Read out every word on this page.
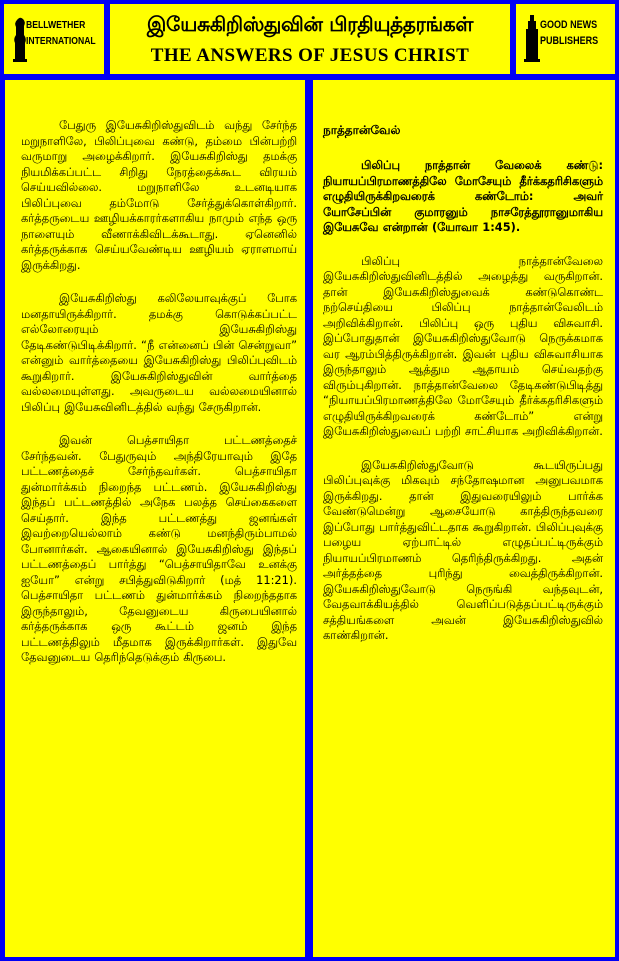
BELLWETHER
INTERNATIONAL
இயேசுகிறிஸ்துவின் பிரதியுத்தரங்கள்
THE ANSWERS OF JESUS CHRIST
GOOD NEWS
PUBLISHERS

பேதுரு இயேசுகிறிஸ்துவிடம் வந்து சேர்ந்த மறுநாளிலே, பிலிப்புவை கண்டு, தம்மை பின்பற்றி வருமாறு அழைக்கிறார். இயேசுகிறிஸ்து தமக்கு நியமிக்கப்பட்ட சிறிது நேரத்தைக்கூட விரயம் செய்யவில்லை. மறுநாளிலே உடனடியாக பிலிப்புவை தம்மோடு சேர்த்துக்கொள்கிறார். கர்த்தருடைய ஊழியக்காரர்களாகிய நாமும் எந்த ஒரு நாளையும் வீணாக்கிவிடக்கூடாது. ஏனெனில் கர்த்தருக்காக செய்யவேண்டிய ஊழியம் ஏராளமாய் இருக்கிறது.

இயேசுகிறிஸ்து கலிலேயாவுக்குப் போக மனதாயிருக்கிறார். தமக்கு கொடுக்கப்பட்ட எல்லோரையும் இயேசுகிறிஸ்து தேடிகண்டுபிடிக்கிறார். “நீ என்னைப் பின் சென்றுவா” என்னும் வார்த்தையை இயேசுகிறிஸ்து பிலிப்புவிடம் கூறுகிறார். இயேசுகிறிஸ்துவின் வார்த்தை வல்லமையுள்ளது. அவருடைய வல்லமையினால் பிலிப்பு இயேசுவினிடத்தில் வந்து சேருகிறான்.

இவன் பெத்சாயிதா பட்டணத்தைச் சேர்ந்தவன். பேதுருவும் அந்திரேயாவும் இதே பட்டணத்தைச் சேர்ந்தவர்கள். பெத்சாயிதா துன்மார்க்கம் நிறைந்த பட்டணம். இயேசுகிறிஸ்து இந்தப் பட்டணத்தில் அநேக பலத்த செய்கைகளை செய்தார். இந்த பட்டணத்து ஜனங்கள் இவற்றையெல்லாம் கண்டு மனந்திரும்பாமல் போனார்கள். ஆகையினால் இயேசுகிறிஸ்து இந்தப் பட்டணத்தைப் பார்த்து “பெத்சாயிதாவே உனக்கு ஐயோ” என்று சபித்துவிடுகிறார் (மத் 11:21). பெத்சாயிதா பட்டணம் துன்மார்க்கம் நிறைந்ததாக இருந்தாலும், தேவனுடைய கிருபையினால் கர்த்தருக்காக ஒரு கூட்டம் ஜனம் இந்த பட்டணத்திலும் மீதமாக இருக்கிறார்கள். இதுவே தேவனுடைய தெரிந்தெடுக்கும் கிருபை.

நாத்தான்வேல்

பிலிப்பு நாத்தான் வேலைக் கண்டு: நியாயப்பிரமாணத்திலே மோசேயும் தீர்க்கதரிசிகளும் எழுதியிருக்கிறவரைக் கண்டோம்: அவர் யோசேப்பின் குமாரனும் நாசரேத்தூரானுமாகிய இயேசுவே என்றான் (யோவா 1:45).

பிலிப்பு நாத்தான்வேலை இயேசுகிறிஸ்துவினிடத்தில் அழைத்து வருகிறான். தான் இயேசுகிறிஸ்துவைக் கண்டுகொண்ட நற்செய்தியை பிலிப்பு நாத்தான்வேலிடம் அறிவிக்கிறான். பிலிப்பு ஒரு புதிய விசுவாசி. இப்போதுதான் இயேசுகிறிஸ்துவோடு நெருக்கமாக வர ஆரம்பித்திருக்கிறான். இவன் புதிய விசுவாசியாக இருந்தாலும் ஆத்தும ஆதாயம் செய்வதற்கு விரும்புகிறான். நாத்தான்வேலை தேடிகண்டுபிடித்து “நியாயப்பிரமாணத்திலே மோசேயும் தீர்க்கதரிசிகளும் எழுதியிருக்கிறவரைக் கண்டோம்” என்று இயேசுகிறிஸ்துவைப் பற்றி சாட்சியாக அறிவிக்கிறான்.

இயேசுகிறிஸ்துவோடு கூடயிருப்பது பிலிப்புவுக்கு மிகவும் சந்தோஷமான அனுபவமாக இருக்கிறது. தான் இதுவரையிலும் பார்க்க வேண்டுமென்று ஆசையோடு காத்திருந்தவரை இப்போது பார்த்துவிட்டதாக கூறுகிறான். பிலிப்புவுக்கு பழைய ஏற்பாட்டில் எழுதப்பட்டிருக்கும் நியாயப்பிரமாணம் தெரிந்திருக்கிறது. அதன் அர்த்தத்தை புரிந்து வைத்திருக்கிறான். இயேசுகிறிஸ்துவோடு நெருங்கி வந்தவுடன், வேதவாக்கியத்தில் வெளிப்படுத்தப்பட்டிருக்கும் சத்தியங்களை அவன் இயேசுகிறிஸ்துவில் காண்கிறான்.
